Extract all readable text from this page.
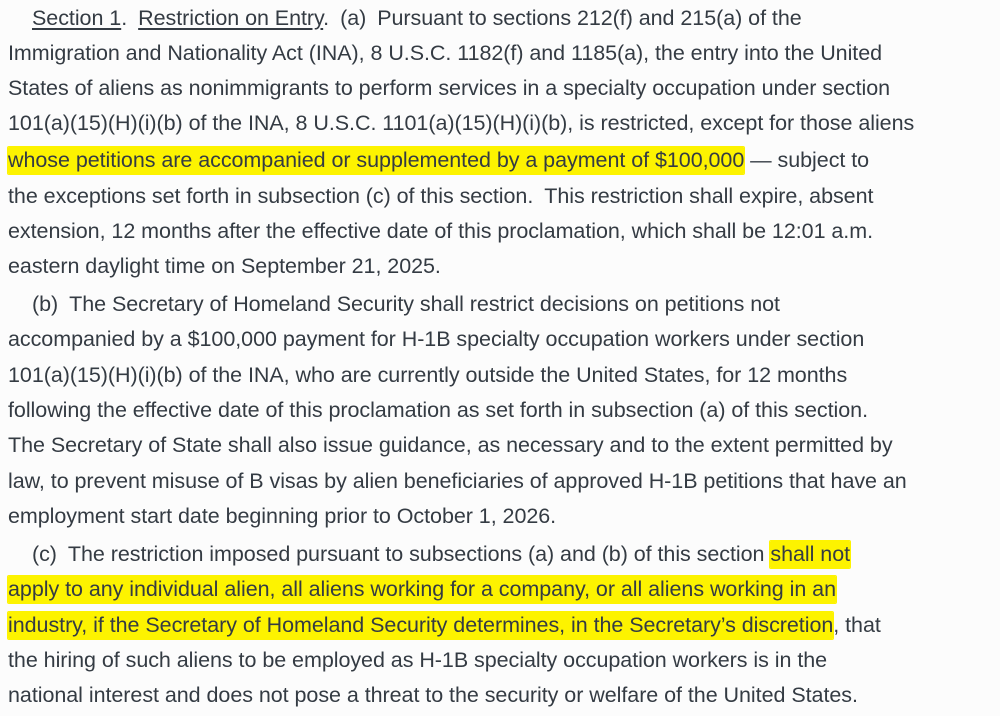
Section 1. Restriction on Entry. (a) Pursuant to sections 212(f) and 215(a) of the
Immigration and Nationality Act (INA), 8 U.S.C. 1182(f) and 1185(a), the entry into the United
States of aliens as nonimmigrants to perform services in a specialty occupation under section
101(a)(15)(H)(i)(b) of the INA, 8 U.S.C. 1101(a)(15)(H)(i)(b), is restricted, except for those aliens
whose petitions are accompanied or supplemented by a payment of $100,000 — subject to
the exceptions set forth in subsection (c) of this section. This restriction shall expire, absent
extension, 12 months after the effective date of this proclamation, which shall be 12:01 a.m.
eastern daylight time on September 21, 2025.
(b) The Secretary of Homeland Security shall restrict decisions on petitions not
accompanied by a $100,000 payment for H-1B specialty occupation workers under section
101(a)(15)(H)(i)(b) of the INA, who are currently outside the United States, for 12 months
following the effective date of this proclamation as set forth in subsection (a) of this section.
The Secretary of State shall also issue guidance, as necessary and to the extent permitted by
law, to prevent misuse of B visas by alien beneficiaries of approved H-1B petitions that have an
employment start date beginning prior to October 1, 2026.
(c) The restriction imposed pursuant to subsections (a) and (b) of this section shall not
apply to any individual alien, all aliens working for a company, or all aliens working in an
industry, if the Secretary of Homeland Security determines, in the Secretary’s discretion, that
the hiring of such aliens to be employed as H-1B specialty occupation workers is in the
national interest and does not pose a threat to the security or welfare of the United States.
